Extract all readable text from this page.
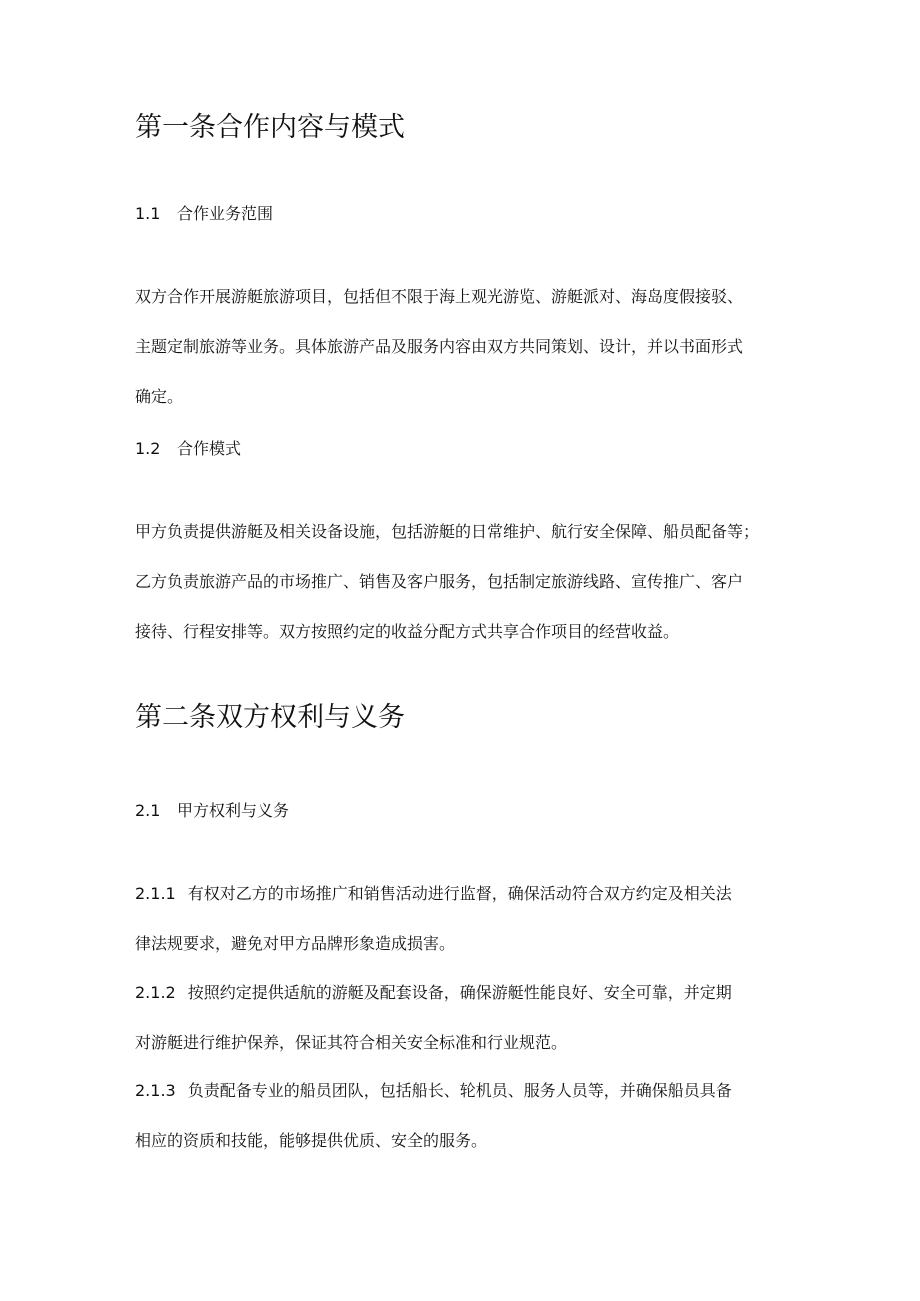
第一条合作内容与模式
1.1 合作业务范围
双方合作开展游艇旅游项目，包括但不限于海上观光游览、游艇派对、海岛度假接驳、
主题定制旅游等业务。具体旅游产品及服务内容由双方共同策划、设计，并以书面形式
确定。
1.2 合作模式
甲方负责提供游艇及相关设备设施，包括游艇的日常维护、航行安全保障、船员配备等；
乙方负责旅游产品的市场推广、销售及客户服务，包括制定旅游线路、宣传推广、客户
接待、行程安排等。双方按照约定的收益分配方式共享合作项目的经营收益。
第二条双方权利与义务
2.1 甲方权利与义务
2.1.1 有权对乙方的市场推广和销售活动进行监督，确保活动符合双方约定及相关法
律法规要求，避免对甲方品牌形象造成损害。
2.1.2 按照约定提供适航的游艇及配套设备，确保游艇性能良好、安全可靠，并定期
对游艇进行维护保养，保证其符合相关安全标准和行业规范。
2.1.3 负责配备专业的船员团队，包括船长、轮机员、服务人员等，并确保船员具备
相应的资质和技能，能够提供优质、安全的服务。
